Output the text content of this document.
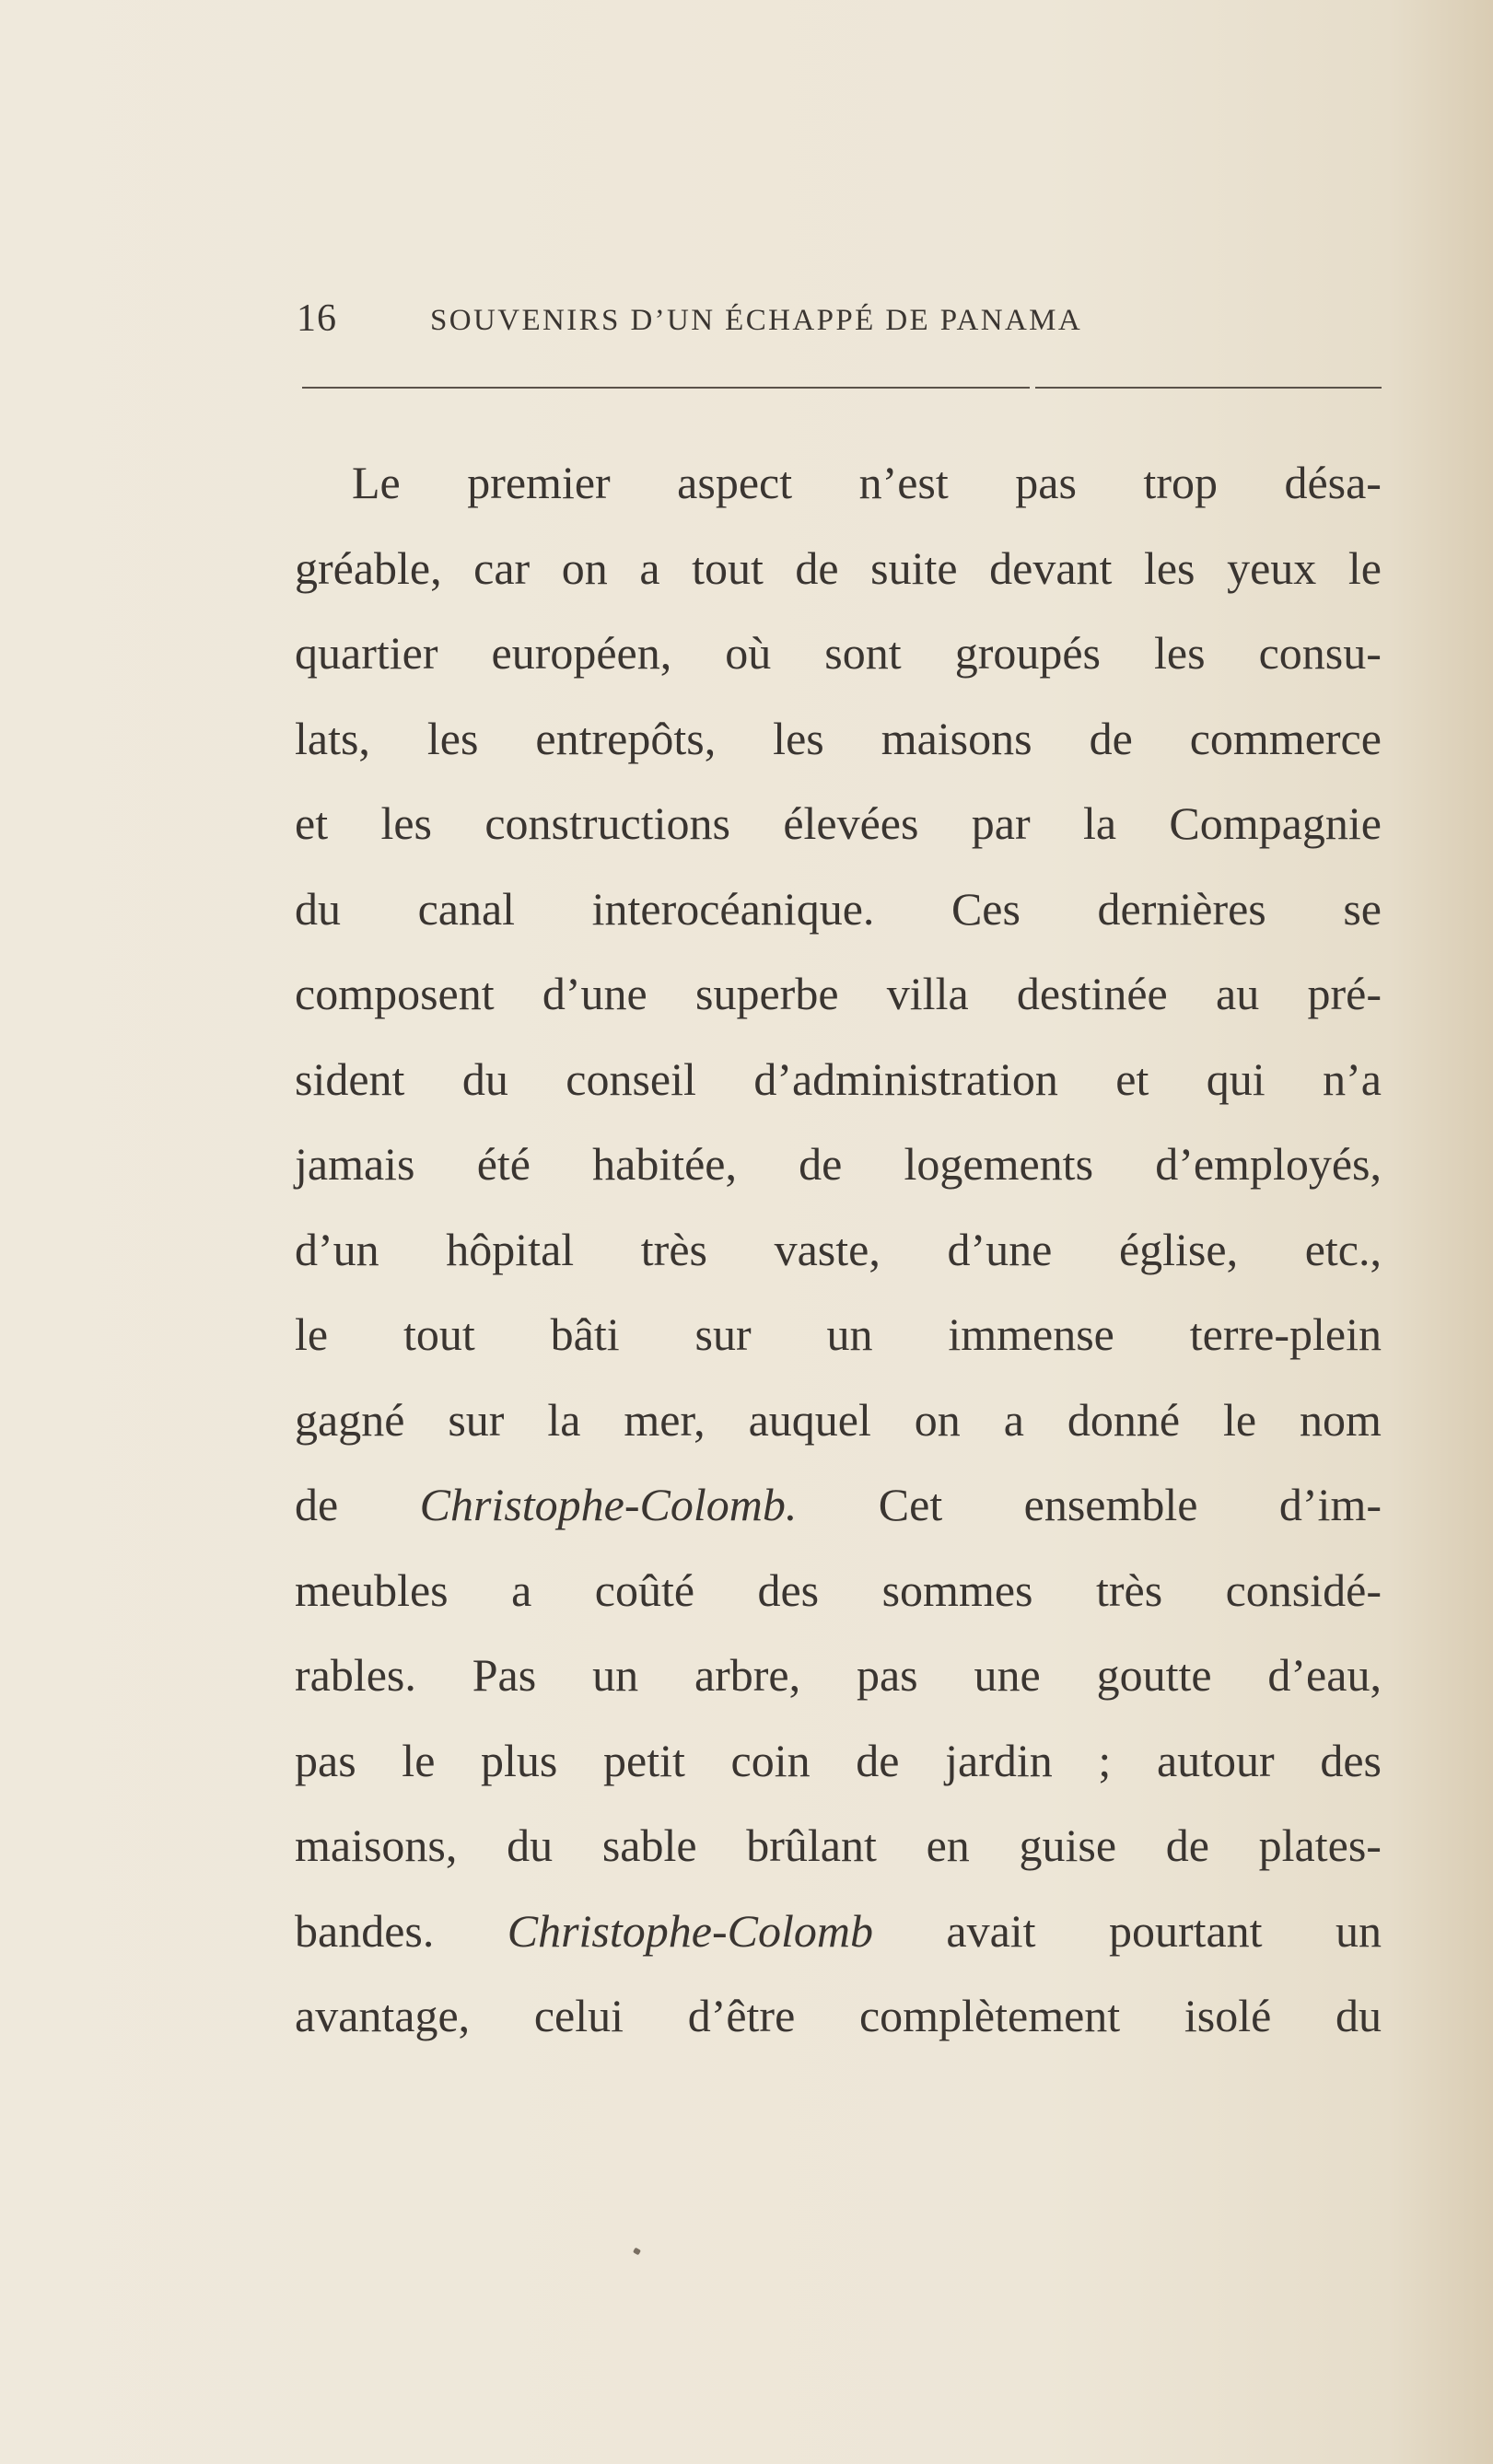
16	SOUVENIRS D’UN ÉCHAPPÉ DE PANAMA
Le premier aspect n’est pas trop désa-
gréable, car on a tout de suite devant les yeux le
quartier européen, où sont groupés les consu-
lats, les entrepôts, les maisons de commerce
et les constructions élevées par la Compagnie
du canal interocéanique. Ces dernières se
composent d’une superbe villa destinée au pré-
sident du conseil d’administration et qui n’a
jamais été habitée, de logements d’employés,
d’un hôpital très vaste, d’une église, etc.,
le tout bâti sur un immense terre-plein
gagné sur la mer, auquel on a donné le nom
de Christophe-Colomb. Cet ensemble d’im-
meubles a coûté des sommes très considé-
rables. Pas un arbre, pas une goutte d’eau,
pas le plus petit coin de jardin ; autour des
maisons, du sable brûlant en guise de plates-
bandes. Christophe-Colomb avait pourtant un
avantage, celui d’être complètement isolé du
